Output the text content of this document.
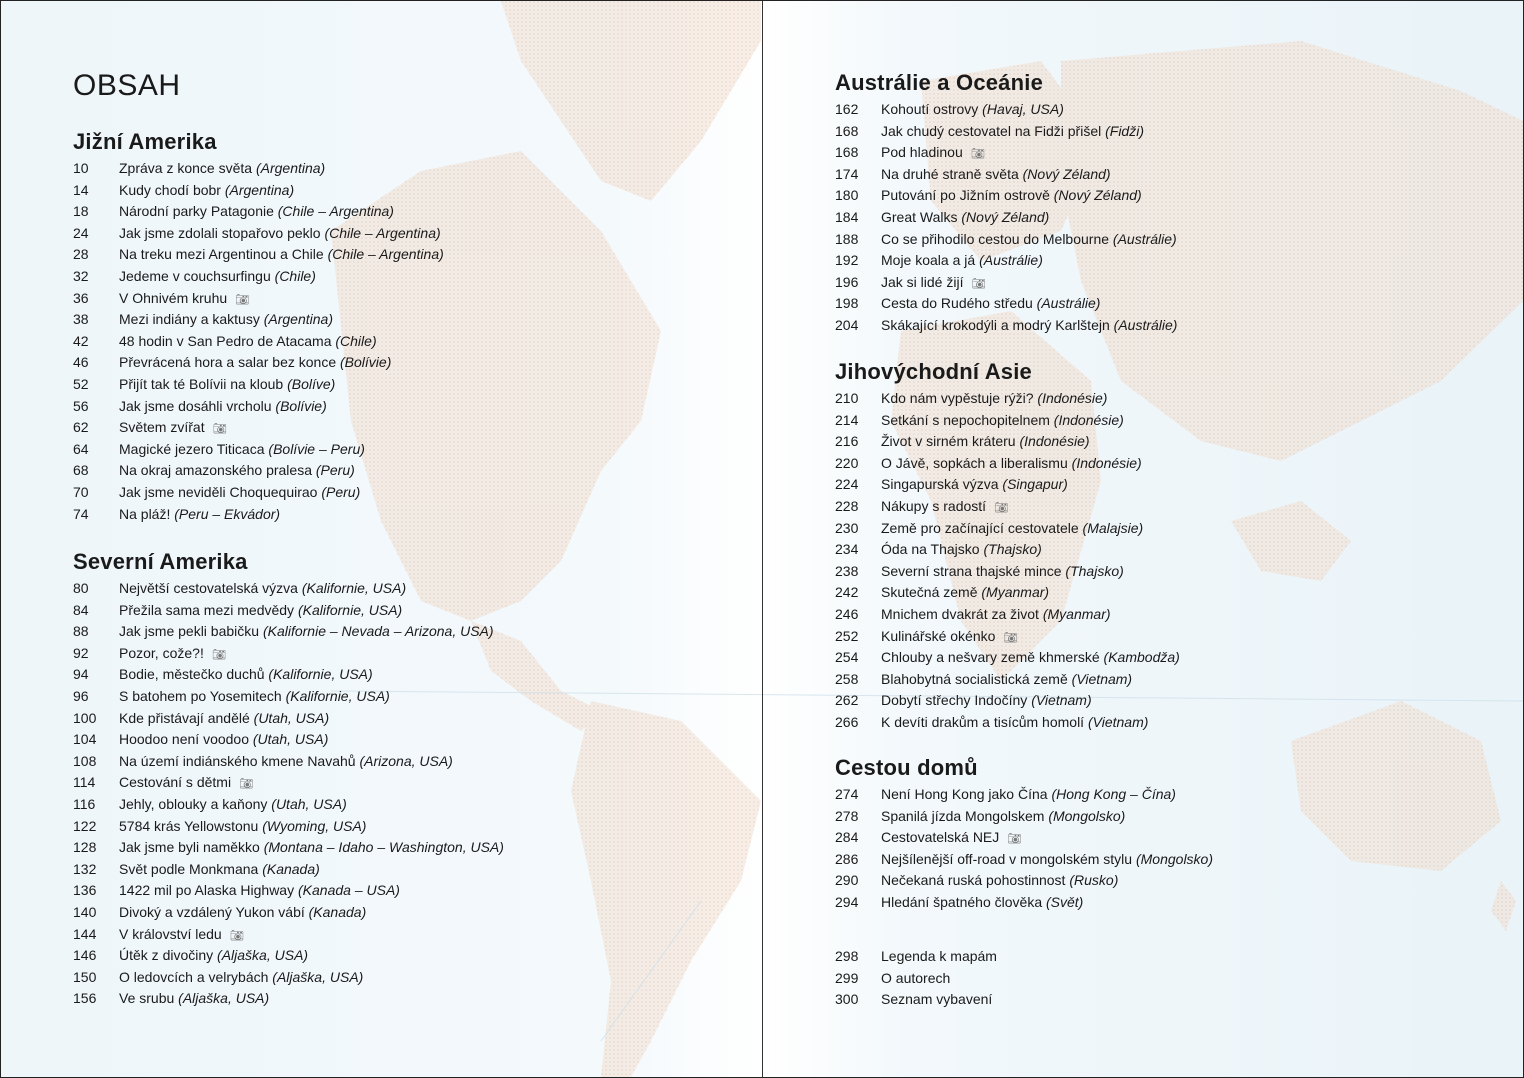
OBSAH
Jižní Amerika
10	Zpráva z konce světa (Argentina)
14	Kudy chodí bobr (Argentina)
18	Národní parky Patagonie (Chile – Argentina)
24	Jak jsme zdolali stopařovo peklo (Chile – Argentina)
28	Na treku mezi Argentinou a Chile (Chile – Argentina)
32	Jedeme v couchsurfingu (Chile)
36	V Ohnivém kruhu 📷︎
38	Mezi indiány a kaktusy (Argentina)
42	48 hodin v San Pedro de Atacama (Chile)
46	Převrácená hora a salar bez konce (Bolívie)
52	Přijít tak té Bolívii na kloub (Bolíve)
56	Jak jsme dosáhli vrcholu (Bolívie)
62	Světem zvířat 📷︎
64	Magické jezero Titicaca (Bolívie – Peru)
68	Na okraj amazonského pralesa (Peru)
70	Jak jsme neviděli Choquequirao (Peru)
74	Na pláž! (Peru – Ekvádor)
Severní Amerika
80	Největší cestovatelská výzva (Kalifornie, USA)
84	Přežila sama mezi medvědy (Kalifornie, USA)
88	Jak jsme pekli babičku (Kalifornie – Nevada – Arizona, USA)
92	Pozor, cože?! 📷︎
94	Bodie, městečko duchů (Kalifornie, USA)
96	S batohem po Yosemitech (Kalifornie, USA)
100	Kde přistávají andělé (Utah, USA)
104	Hoodoo není voodoo (Utah, USA)
108	Na území indiánského kmene Navahů (Arizona, USA)
114	Cestování s dětmi 📷︎
116	Jehly, oblouky a kaňony (Utah, USA)
122	5784 krás Yellowstonu (Wyoming, USA)
128	Jak jsme byli naměkko (Montana – Idaho – Washington, USA)
132	Svět podle Monkmana (Kanada)
136	1422 mil po Alaska Highway (Kanada – USA)
140	Divoký a vzdálený Yukon vábí (Kanada)
144	V království ledu 📷︎
146	Útěk z divočiny (Aljaška, USA)
150	O ledovcích a velrybách (Aljaška, USA)
156	Ve srubu (Aljaška, USA)
Austrálie a Oceánie
162	Kohoutí ostrovy (Havaj, USA)
168	Jak chudý cestovatel na Fidži přišel (Fidži)
168	Pod hladinou 📷︎
174	Na druhé straně světa (Nový Zéland)
180	Putování po Jižním ostrově (Nový Zéland)
184	Great Walks (Nový Zéland)
188	Co se přihodilo cestou do Melbourne (Austrálie)
192	Moje koala a já (Austrálie)
196	Jak si lidé žijí 📷︎
198	Cesta do Rudého středu (Austrálie)
204	Skákající krokodýli a modrý Karlštejn (Austrálie)
Jihovýchodní Asie
210	Kdo nám vypěstuje rýži? (Indonésie)
214	Setkání s nepochopitelnem (Indonésie)
216	Život v sirném kráteru (Indonésie)
220	O Jávě, sopkách a liberalismu (Indonésie)
224	Singapurská výzva (Singapur)
228	Nákupy s radostí 📷︎
230	Země pro začínající cestovatele (Malajsie)
234	Óda na Thajsko (Thajsko)
238	Severní strana thajské mince (Thajsko)
242	Skutečná země (Myanmar)
246	Mnichem dvakrát za život (Myanmar)
252	Kulinářské okénko 📷︎
254	Chlouby a nešvary země khmerské (Kambodža)
258	Blahobytná socialistická země (Vietnam)
262	Dobytí střechy Indočíny (Vietnam)
266	K devíti drakům a tisícům homolí (Vietnam)
Cestou domů
274	Není Hong Kong jako Čína (Hong Kong – Čína)
278	Spanilá jízda Mongolskem (Mongolsko)
284	Cestovatelská NEJ 📷︎
286	Nejšílenější off-road v mongolském stylu (Mongolsko)
290	Nečekaná ruská pohostinnost (Rusko)
294	Hledání špatného člověka (Svět)
298	Legenda k mapám
299	O autorech
300	Seznam vybavení
